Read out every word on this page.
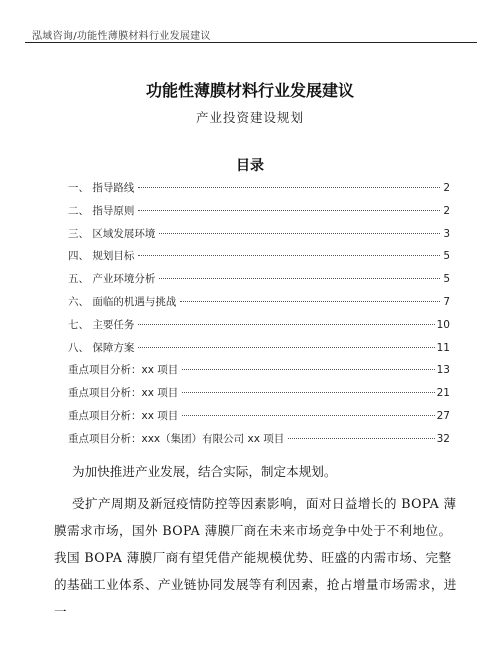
泓域咨询/功能性薄膜材料行业发展建议
功能性薄膜材料行业发展建议
产业投资建设规划
目录
一、 指导路线	2
二、 指导原则	2
三、 区域发展环境	3
四、 规划目标	5
五、 产业环境分析	5
六、 面临的机遇与挑战	7
七、 主要任务	10
八、 保障方案	11
重点项目分析：xx 项目	13
重点项目分析：xx 项目	21
重点项目分析：xx 项目	27
重点项目分析：xxx（集团）有限公司 xx 项目	32
为加快推进产业发展，结合实际，制定本规划。
受扩产周期及新冠疫情防控等因素影响，面对日益增长的 BOPA 薄膜需求市场，国外 BOPA 薄膜厂商在未来市场竞争中处于不利地位。我国 BOPA 薄膜厂商有望凭借产能规模优势、旺盛的内需市场、完整的基础工业体系、产业链协同发展等有利因素，抢占增量市场需求，进一
